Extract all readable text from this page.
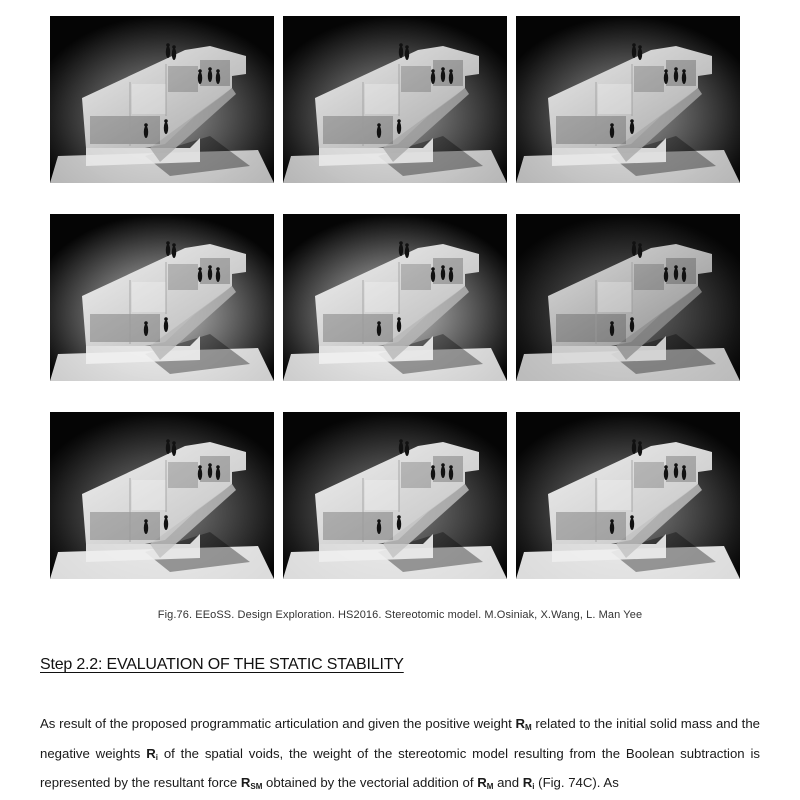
Fig.76. EEoSS. Design Exploration. HS2016. Stereotomic model. M.Osiniak, X.Wang, L. Man Yee
Step 2.2: EVALUATION OF THE STATIC STABILITY

As result of the proposed programmatic articulation and given the positive weight $R_M$ related to the initial solid mass and the negative weights $R_i$ of the spatial voids, the weight of the stereotomic model resulting from the Boolean subtraction is represented by the resultant force $R_{SM}$ obtained by the vectorial addition of $R_M$ and $R_i$ (Fig. 74C). As
